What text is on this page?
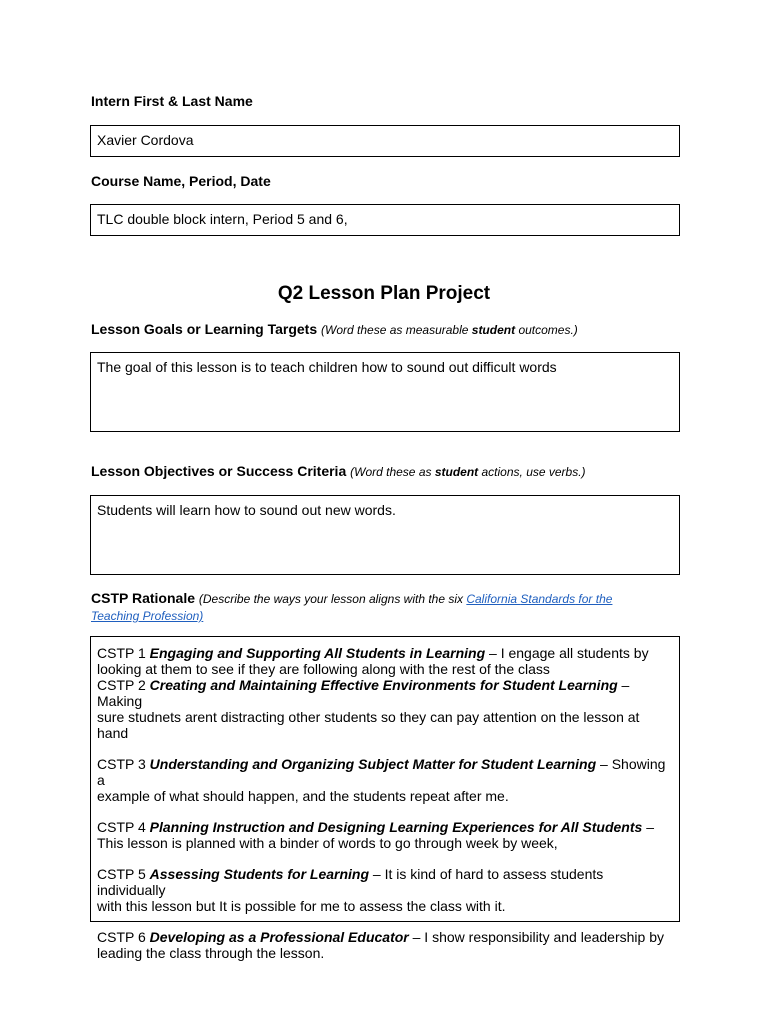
Intern First & Last Name
Xavier Cordova
Course Name, Period, Date
TLC double block intern, Period 5 and 6,
Q2 Lesson Plan Project
Lesson Goals or Learning Targets (Word these as measurable student outcomes.)
The goal of this lesson is to teach children how to sound out difficult words
Lesson Objectives or Success Criteria (Word these as student actions, use verbs.)
Students will learn how to sound out new words.
CSTP Rationale (Describe the ways your lesson aligns with the six California Standards for the
Teaching Profession)
CSTP 1 Engaging and Supporting All Students in Learning – I engage all students by
looking at them to see if they are following along with the rest of the class
CSTP 2 Creating and Maintaining Effective Environments for Student Learning – Making
sure studnets arent distracting other students so they can pay attention on the lesson at hand
CSTP 3 Understanding and Organizing Subject Matter for Student Learning – Showing a
example of what should happen, and the students repeat after me.
CSTP 4 Planning Instruction and Designing Learning Experiences for All Students –
This lesson is planned with a binder of words to go through week by week,
CSTP 5 Assessing Students for Learning – It is kind of hard to assess students individually
with this lesson but It is possible for me to assess the class with it.
CSTP 6 Developing as a Professional Educator – I show responsibility and leadership by
leading the class through the lesson.
